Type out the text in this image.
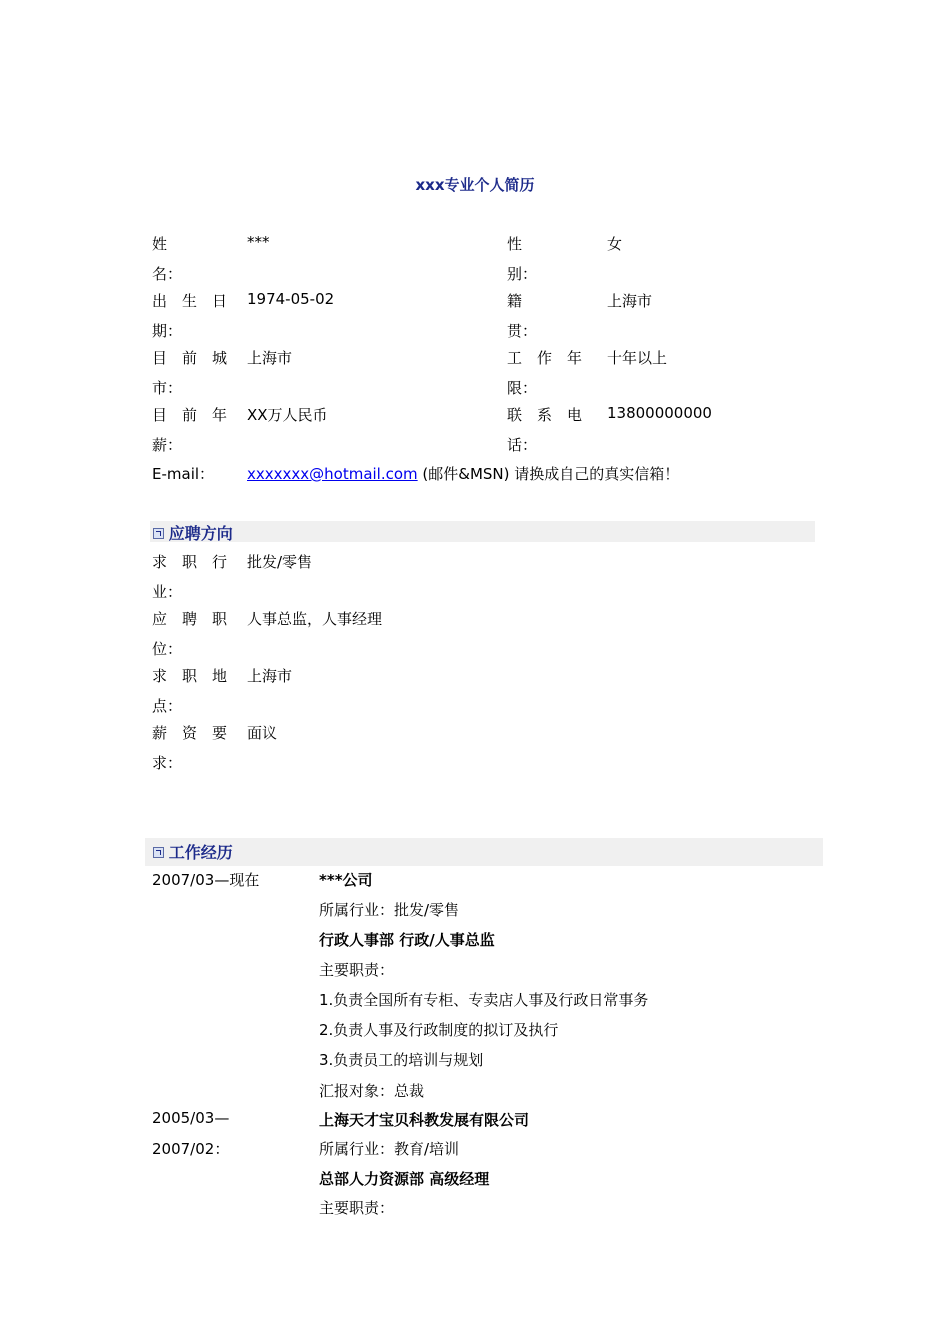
xxx专业个人简历
姓
名：
***
出　生　日
期：
1974-05-02
目　前　城
市：
上海市
目　前　年
薪：
XX万人民币
性
别：
女
籍
贯：
上海市
工　作　年
限：
十年以上
联　系　电
话：
13800000000
E-mail： xxxxxxx@hotmail.com (邮件&MSN) 请换成自己的真实信箱！
应聘方向
求　职　行
业：
批发/零售
应　聘　职
位：
人事总监，人事经理
求　职　地
点：
上海市
薪　资　要
求：
面议
工作经历
2007/03—现在	***公司
所属行业：批发/零售
行政人事部 行政/人事总监
主要职责：
1.负责全国所有专柜、专卖店人事及行政日常事务
2.负责人事及行政制度的拟订及执行
3.负责员工的培训与规划
汇报对象：总裁
2005/03—
2007/02：
上海天才宝贝科教发展有限公司
所属行业：教育/培训
总部人力资源部 高级经理
主要职责：
